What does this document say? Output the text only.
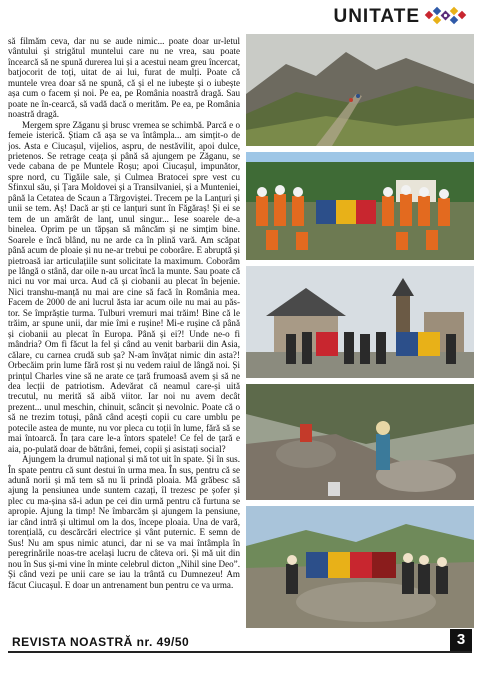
UNITATE

să filmăm ceva, dar nu se aude nimic... poate doar ur-letul vântului și strigătul muntelui care nu ne vrea, sau poate încearcă să ne spună durerea lui și a acestui neam greu încercat, batjocorit de toți, uitat de ai lui, furat de mulți. Poate că muntele vrea doar să ne spună, că și el ne iubește și o iubește așa cum o facem și noi. Pe ea, pe România noastră dragă. Sau poate ne în-cearcă, să vadă dacă o merităm. Pe ea, pe România noastră dragă.

Mergem spre Zăganu și brusc vremea se schimbă. Parcă e o femeie isterică. Știam că așa se va întâmpla... am simțit-o de jos. Asta e Ciucașul, vijelios, aspru, de nestăvilit, apoi dulce, prietenos. Se retrage ceața și până să ajungem pe Zăganu, se vede cabana de pe Muntele Roșu; apoi Ciucașul, impunător, spre nord, cu Tigăile sale, și Culmea Bratocei spre vest cu Sfinxul său, și Țara Moldovei și a Transilvaniei, și a Munteniei, până la Cetatea de Scaun a Târgoviștei. Trecem pe la Lanțuri și unii se tem. Aș! Dacă ar ști ce lanțuri sunt în Făgăraș! Și ei se tem de un amărât de lanț, unul singur... Iese soarele de-a binelea. Oprim pe un tăpșan să mâncăm și ne simțim bine. Soarele e încă blând, nu ne arde ca în plină vară. Am scăpat până acum de ploaie și nu ne-ar trebui pe coborâre. E abruptă și pietroasă iar articulațiile sunt solicitate la maximum. Coborâm pe lângă o stână, dar oile n-au urcat încă la munte. Sau poate că nici nu vor mai urca. Aud că și ciobanii au plecat în bejenie. Nici transhu-manță nu mai are cine să facă în România mea. Facem de 2000 de ani lucrul ăsta iar acum oile nu mai au păs-tor. Se împrăștie turma. Tulburi vremuri mai trăim! Bine că le trăim, ar spune unii, dar mie îmi e rușine! Mi-e rușine că până și ciobanii au plecat în Europa. Până și ei?! Unde ne-o fi mândria? Om fi făcut la fel și când au venit barbarii din Asia, călare, cu carnea crudă sub șa? N-am învățat nimic din asta?! Orbecăim prin lume fără rost și nu vedem raiul de lângă noi. Și prințul Charles vine să ne arate ce țară frumoasă avem și să ne dea lecții de patriotism. Adevărat că neamul care-și uită trecutul, nu merită să aibă viitor. Iar noi nu avem decât prezent... unul meschin, chinuit, scâncit și nevolnic. Poate că o să ne trezim totuși, până când acești copii cu care umblu pe potecile astea de munte, nu vor pleca cu toții în lume, fără să se mai întoarcă. În țara care le-a întors spatele! Ce fel de țară e aia, po-pulată doar de bătrâni, femei, copii și asistați social?

Ajungem la drumul național și mă tot uit în spate. Și în sus. În spate pentru că sunt destui în urma mea. În sus, pentru că se adună norii și mă tem să nu îi prindă ploaia. Mă grăbesc să ajung la pensiunea unde suntem cazați, îl trezesc pe șofer și plec cu ma-șina să-i adun pe cei din urmă pentru că furtuna se apropie. Ajung la timp! Ne îmbarcăm și ajungem la pensiune, iar când intră și ultimul om la dos, începe ploaia. Una de vară, torențială, cu descărcări electrice și vânt puternic. E semn de Sus! Nu am spus nimic atunci, dar ni se va mai întâmpla în peregrinările noas-tre același lucru de câteva ori. Și mă uit din nou în Sus și-mi vine în minte celebrul dicton „Nihil sine Deo”. Și când vezi pe unii care se iau la trântă cu Dumnezeu! Am făcut Ciucașul. E doar un antrenament bun pentru ce va urma.

REVISTA NOASTRĂ nr. 49/50	3
